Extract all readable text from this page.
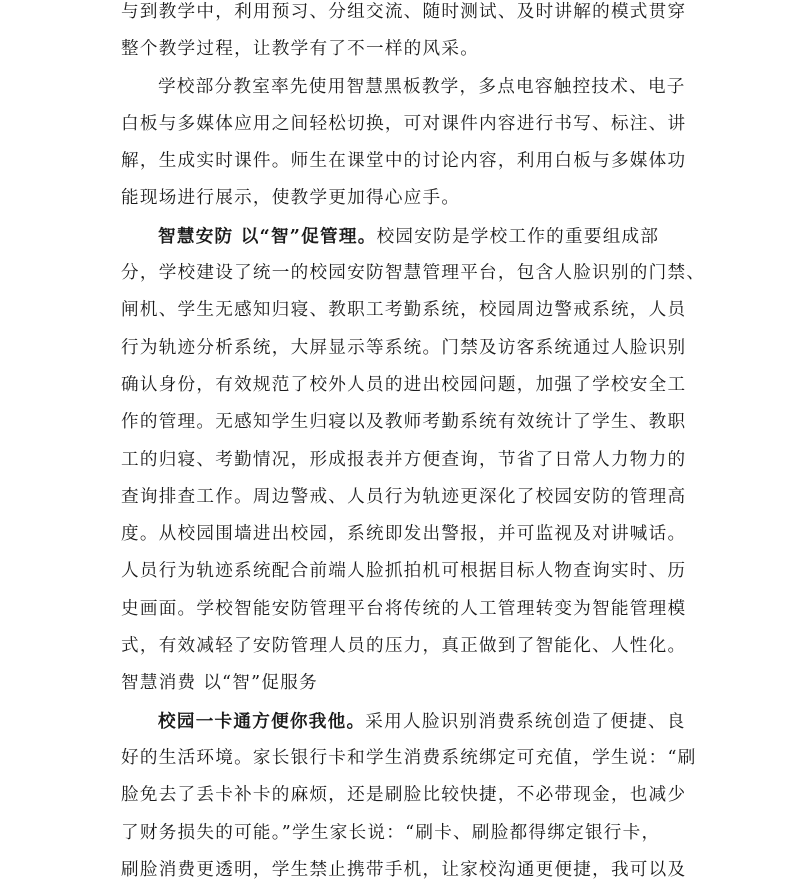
与到教学中，利用预习、分组交流、随时测试、及时讲解的模式贯穿
整个教学过程，让教学有了不一样的风采。
学校部分教室率先使用智慧黑板教学，多点电容触控技术、电子
白板与多媒体应用之间轻松切换，可对课件内容进行书写、标注、讲
解，生成实时课件。师生在课堂中的讨论内容，利用白板与多媒体功
能现场进行展示，使教学更加得心应手。
智慧安防 以“智”促管理。校园安防是学校工作的重要组成部
分，学校建设了统一的校园安防智慧管理平台，包含人脸识别的门禁、
闸机、学生无感知归寝、教职工考勤系统，校园周边警戒系统，人员
行为轨迹分析系统，大屏显示等系统。门禁及访客系统通过人脸识别
确认身份，有效规范了校外人员的进出校园问题，加强了学校安全工
作的管理。无感知学生归寝以及教师考勤系统有效统计了学生、教职
工的归寝、考勤情况，形成报表并方便查询，节省了日常人力物力的
查询排查工作。周边警戒、人员行为轨迹更深化了校园安防的管理高
度。从校园围墙进出校园，系统即发出警报，并可监视及对讲喊话。
人员行为轨迹系统配合前端人脸抓拍机可根据目标人物查询实时、历
史画面。学校智能安防管理平台将传统的人工管理转变为智能管理模
式，有效减轻了安防管理人员的压力，真正做到了智能化、人性化。
智慧消费 以“智”促服务
校园一卡通方便你我他。采用人脸识别消费系统创造了便捷、良
好的生活环境。家长银行卡和学生消费系统绑定可充值，学生说：“刷
脸免去了丢卡补卡的麻烦，还是刷脸比较快捷，不必带现金，也减少
了财务损失的可能。”学生家长说：“刷卡、刷脸都得绑定银行卡，
刷脸消费更透明，学生禁止携带手机，让家校沟通更便捷，我可以及
